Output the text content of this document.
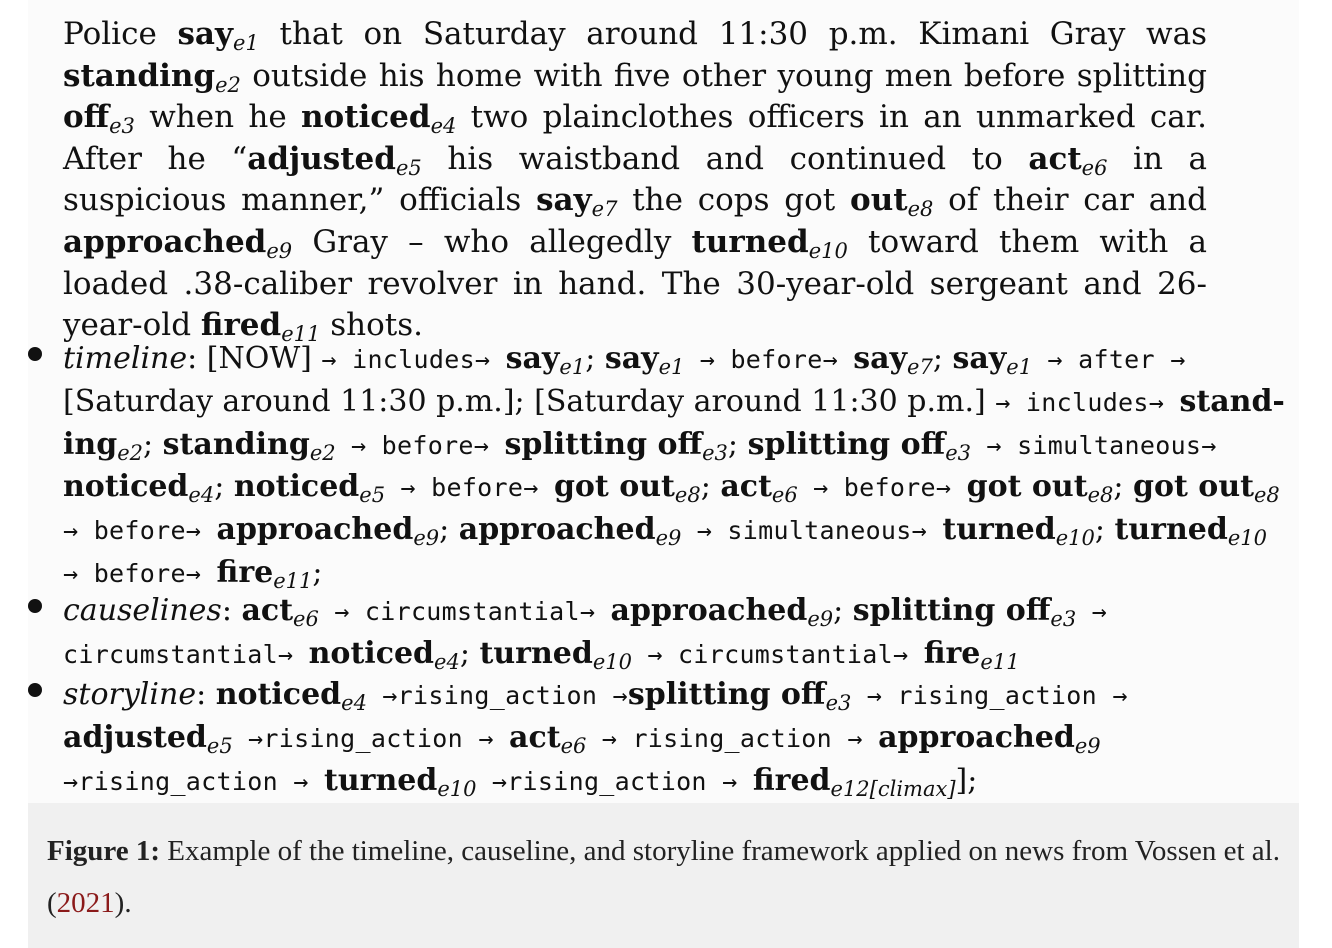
Police say$_{e1}$ that on Saturday around 11:30 p.m. Kimani Gray was standing$_{e2}$ outside his home with five other young men before splitting off$_{e3}$ when he noticed$_{e4}$ two plainclothes officers in an unmarked car. After he “adjusted$_{e5}$ his waistband and continued to act$_{e6}$ in a suspicious manner,” officials say$_{e7}$ the cops got out$_{e8}$ of their car and approached$_{e9}$ Gray – who allegedly turned$_{e10}$ toward them with a loaded .38-caliber revolver in hand. The 30-year-old sergeant and 26-year-old fired$_{e11}$ shots.
timeline: [NOW] → includes→ say$_{e1}$; say$_{e1}$ → before→ say$_{e7}$; say$_{e1}$ → after → [Saturday around 11:30 p.m.]; [Saturday around 11:30 p.m.] → includes→ stand-ing$_{e2}$; standing$_{e2}$ → before→ splitting off$_{e3}$; splitting off$_{e3}$ → simultaneous→ noticed$_{e4}$; noticed$_{e5}$ → before→ got out$_{e8}$; act$_{e6}$ → before→ got out$_{e8}$; got out$_{e8}$ → before→ approached$_{e9}$; approached$_{e9}$ → simultaneous→ turned$_{e10}$; turned$_{e10}$ → before→ fire$_{e11}$;
causelines: act$_{e6}$ → circumstantial→ approached$_{e9}$; splitting off$_{e3}$ → circumstantial→ noticed$_{e4}$; turned$_{e10}$ → circumstantial→ fire$_{e11}$
storyline: noticed$_{e4}$ →rising_action →splitting off$_{e3}$ → rising_action → adjusted$_{e5}$ →rising_action → act$_{e6}$ → rising_action → approached$_{e9}$ →rising_action → turned$_{e10}$ →rising_action → fired$_{e12[climax]}$];
Figure 1: Example of the timeline, causeline, and storyline framework applied on news from Vossen et al. (2021).
